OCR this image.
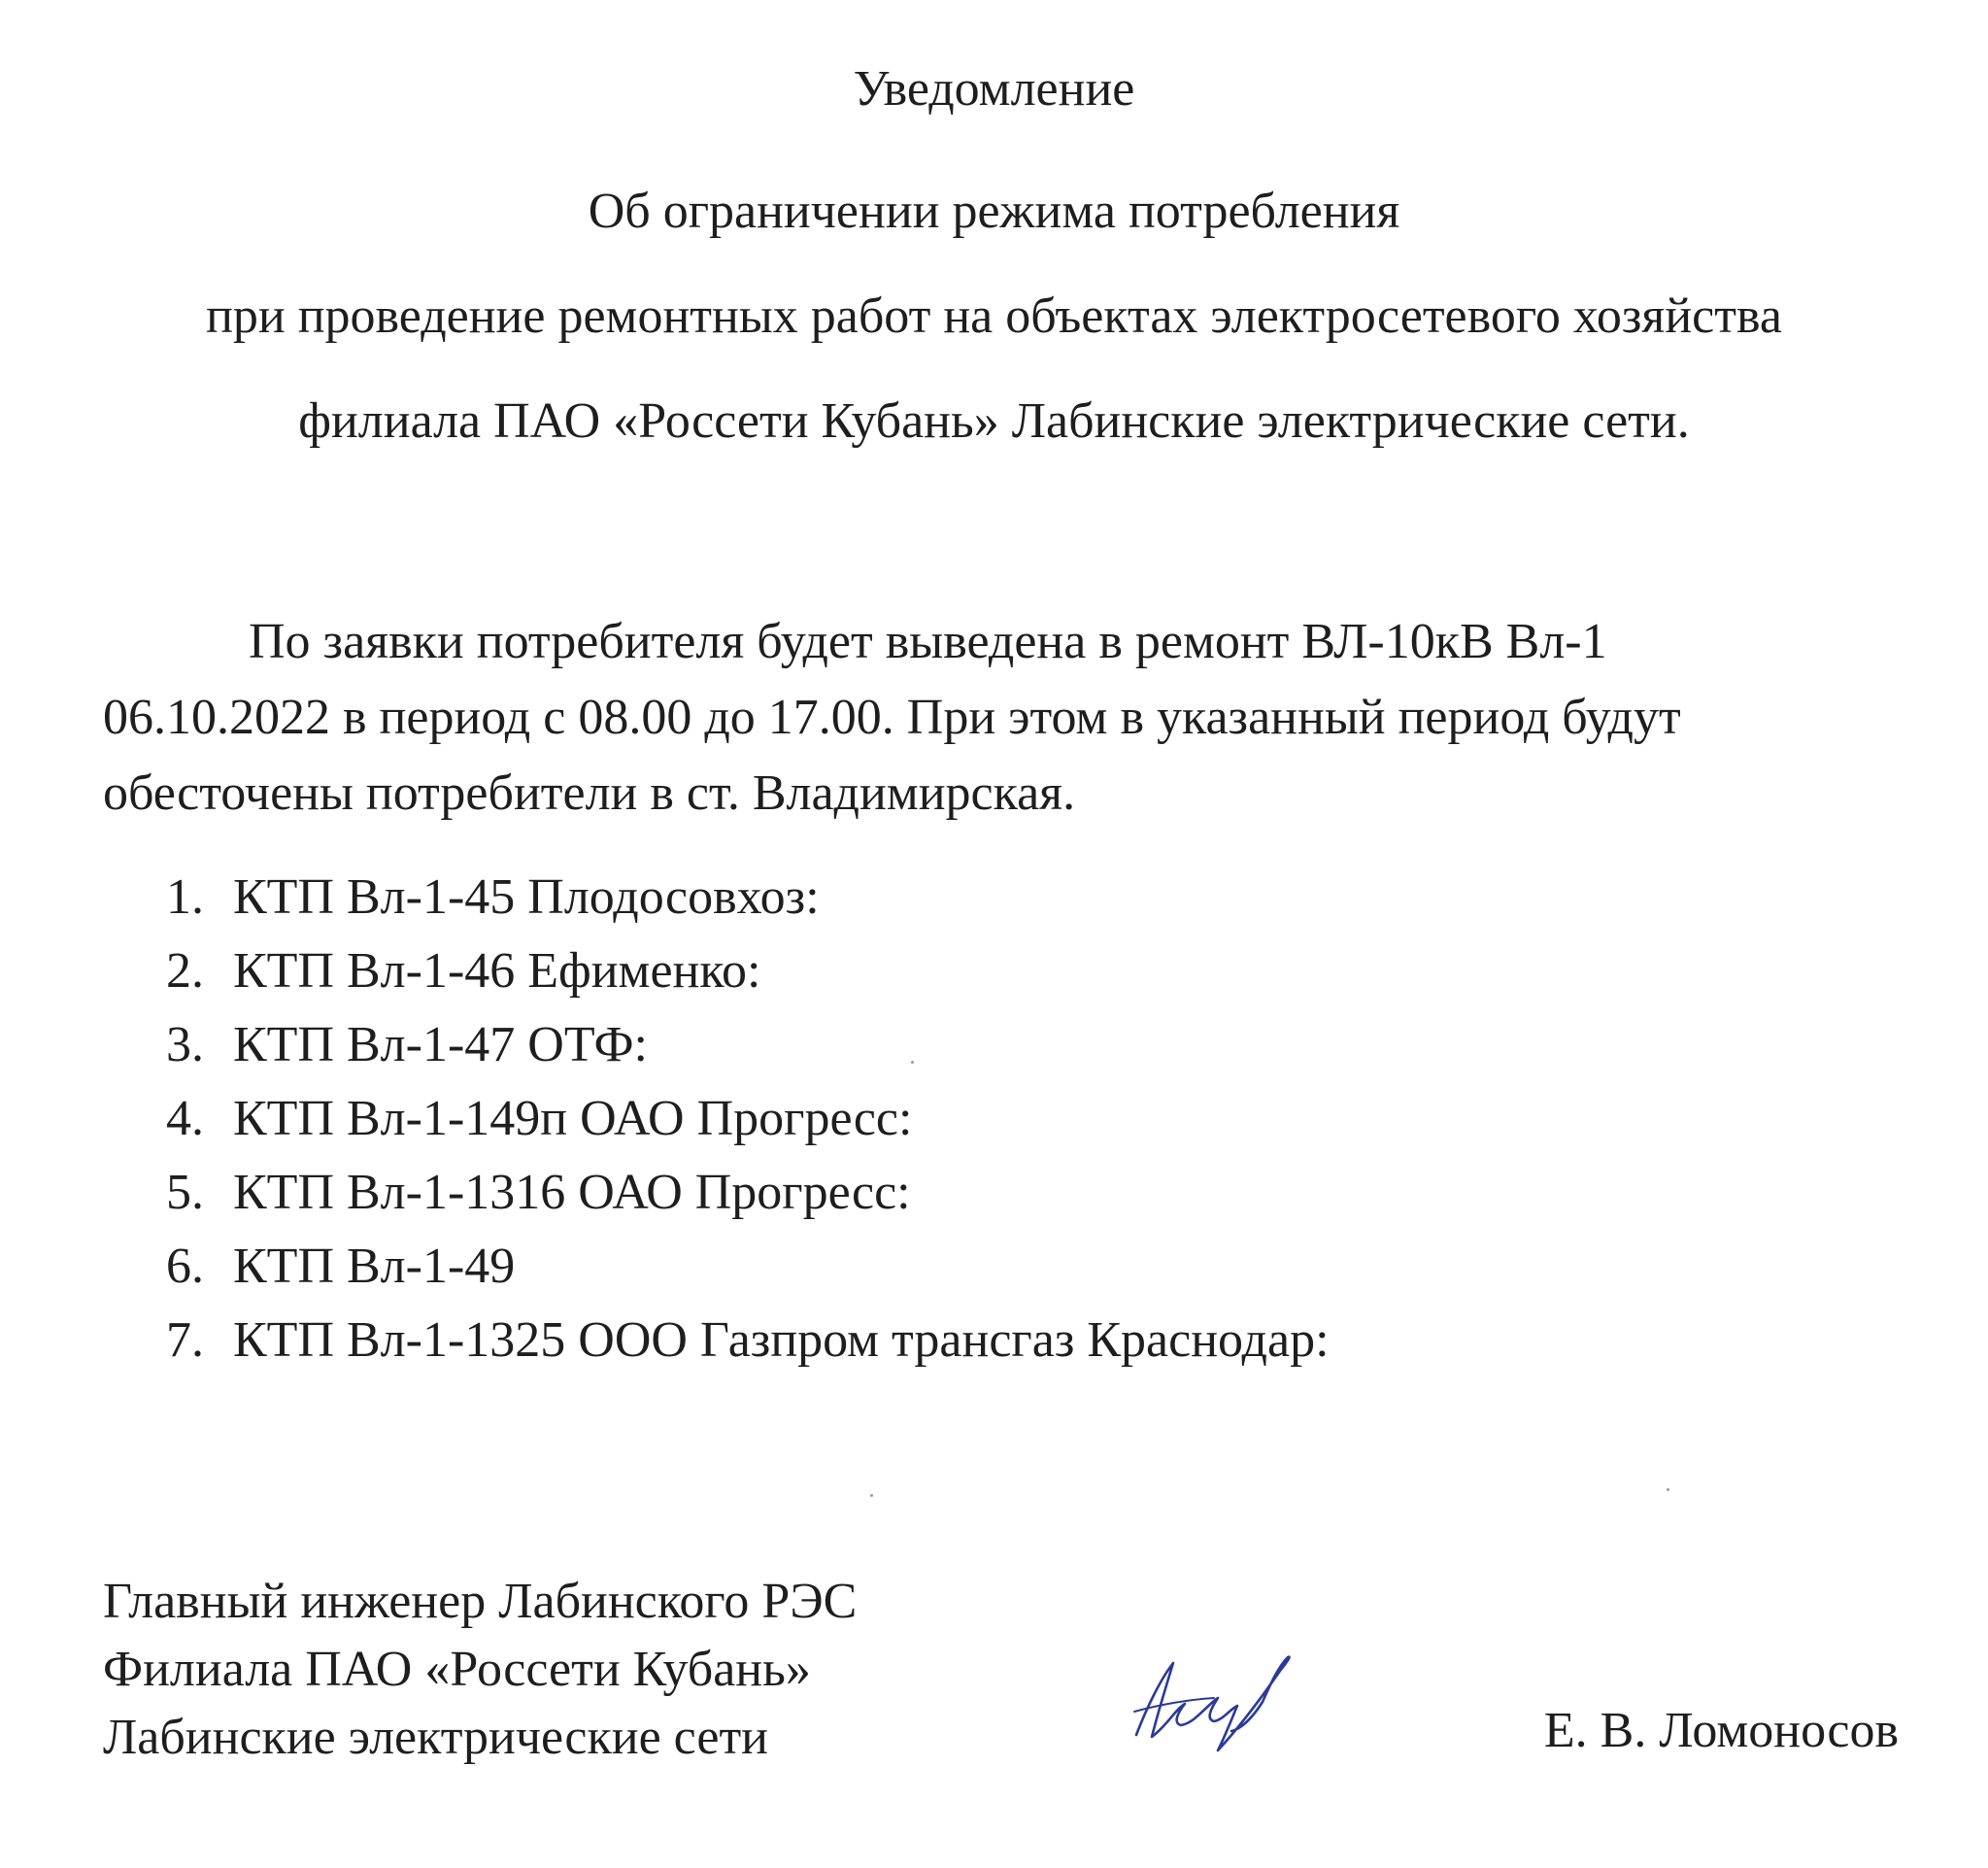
Уведомление
Об ограничении режима потребления
при проведение ремонтных работ на объектах электросетевого хозяйства
филиала ПАО «Россети Кубань» Лабинские электрические сети.
По заявки потребителя будет выведена в ремонт ВЛ-10кВ Вл-1
06.10.2022 в период с 08.00 до 17.00. При этом в указанный период будут
обесточены потребители в ст. Владимирская.
1. КТП Вл-1-45 Плодосовхоз:
2. КТП Вл-1-46 Ефименко:
3. КТП Вл-1-47 ОТФ:
4. КТП Вл-1-149п ОАО Прогресс:
5. КТП Вл-1-1316 ОАО Прогресс:
6. КТП Вл-1-49
7. КТП Вл-1-1325 ООО Газпром трансгаз Краснодар:
Главный инженер Лабинского РЭС
Филиала ПАО «Россети Кубань»
Лабинские электрические сети	Е. В. Ломоносов
